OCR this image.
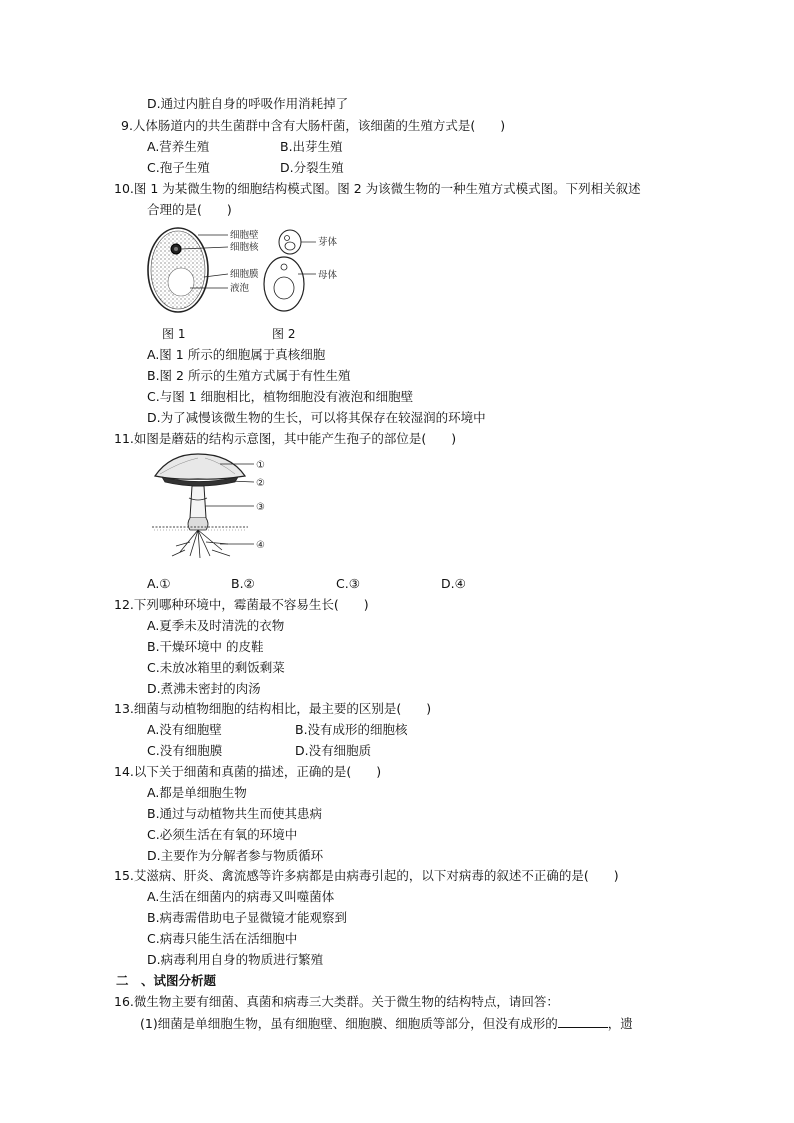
D.通过内脏自身的呼吸作用消耗掉了
9.人体肠道内的共生菌群中含有大肠杆菌，该细菌的生殖方式是(　　)
A.营养生殖	B.出芽生殖
C.孢子生殖	D.分裂生殖
10.图 1 为某微生物的细胞结构模式图。图 2 为该微生物的一种生殖方式模式图。下列相关叙述
合理的是(　　)
细胞壁
细胞核
细胞膜
液泡
芽体
母体
图 1	图 2
A.图 1 所示的细胞属于真核细胞
B.图 2 所示的生殖方式属于有性生殖
C.与图 1 细胞相比，植物细胞没有液泡和细胞壁
D.为了减慢该微生物的生长，可以将其保存在较湿润的环境中
11.如图是蘑菇的结构示意图，其中能产生孢子的部位是(　　)
①
②
③
④
A.①	B.②	C.③	D.④
12.下列哪种环境中，霉菌最不容易生长(　　)
A.夏季未及时清洗的衣物
B.干燥环境中 的皮鞋
C.未放冰箱里的剩饭剩菜
D.煮沸未密封的肉汤
13.细菌与动植物细胞的结构相比，最主要的区别是(　　)
A.没有细胞壁	B.没有成形的细胞核
C.没有细胞膜	D.没有细胞质
14.以下关于细菌和真菌的描述，正确的是(　　)
A.都是单细胞生物
B.通过与动植物共生而使其患病
C.必须生活在有氧的环境中
D.主要作为分解者参与物质循环
15.艾滋病、肝炎、禽流感等许多病都是由病毒引起的，以下对病毒的叙述不正确的是(　　)
A.生活在细菌内的病毒又叫噬菌体
B.病毒需借助电子显微镜才能观察到
C.病毒只能生活在活细胞中
D.病毒利用自身的物质进行繁殖
二　、试图分析题
16.微生物主要有细菌、真菌和病毒三大类群。关于微生物的结构特点，请回答：
(1)细菌是单细胞生物，虽有细胞壁、细胞膜、细胞质等部分，但没有成形的	，遗
